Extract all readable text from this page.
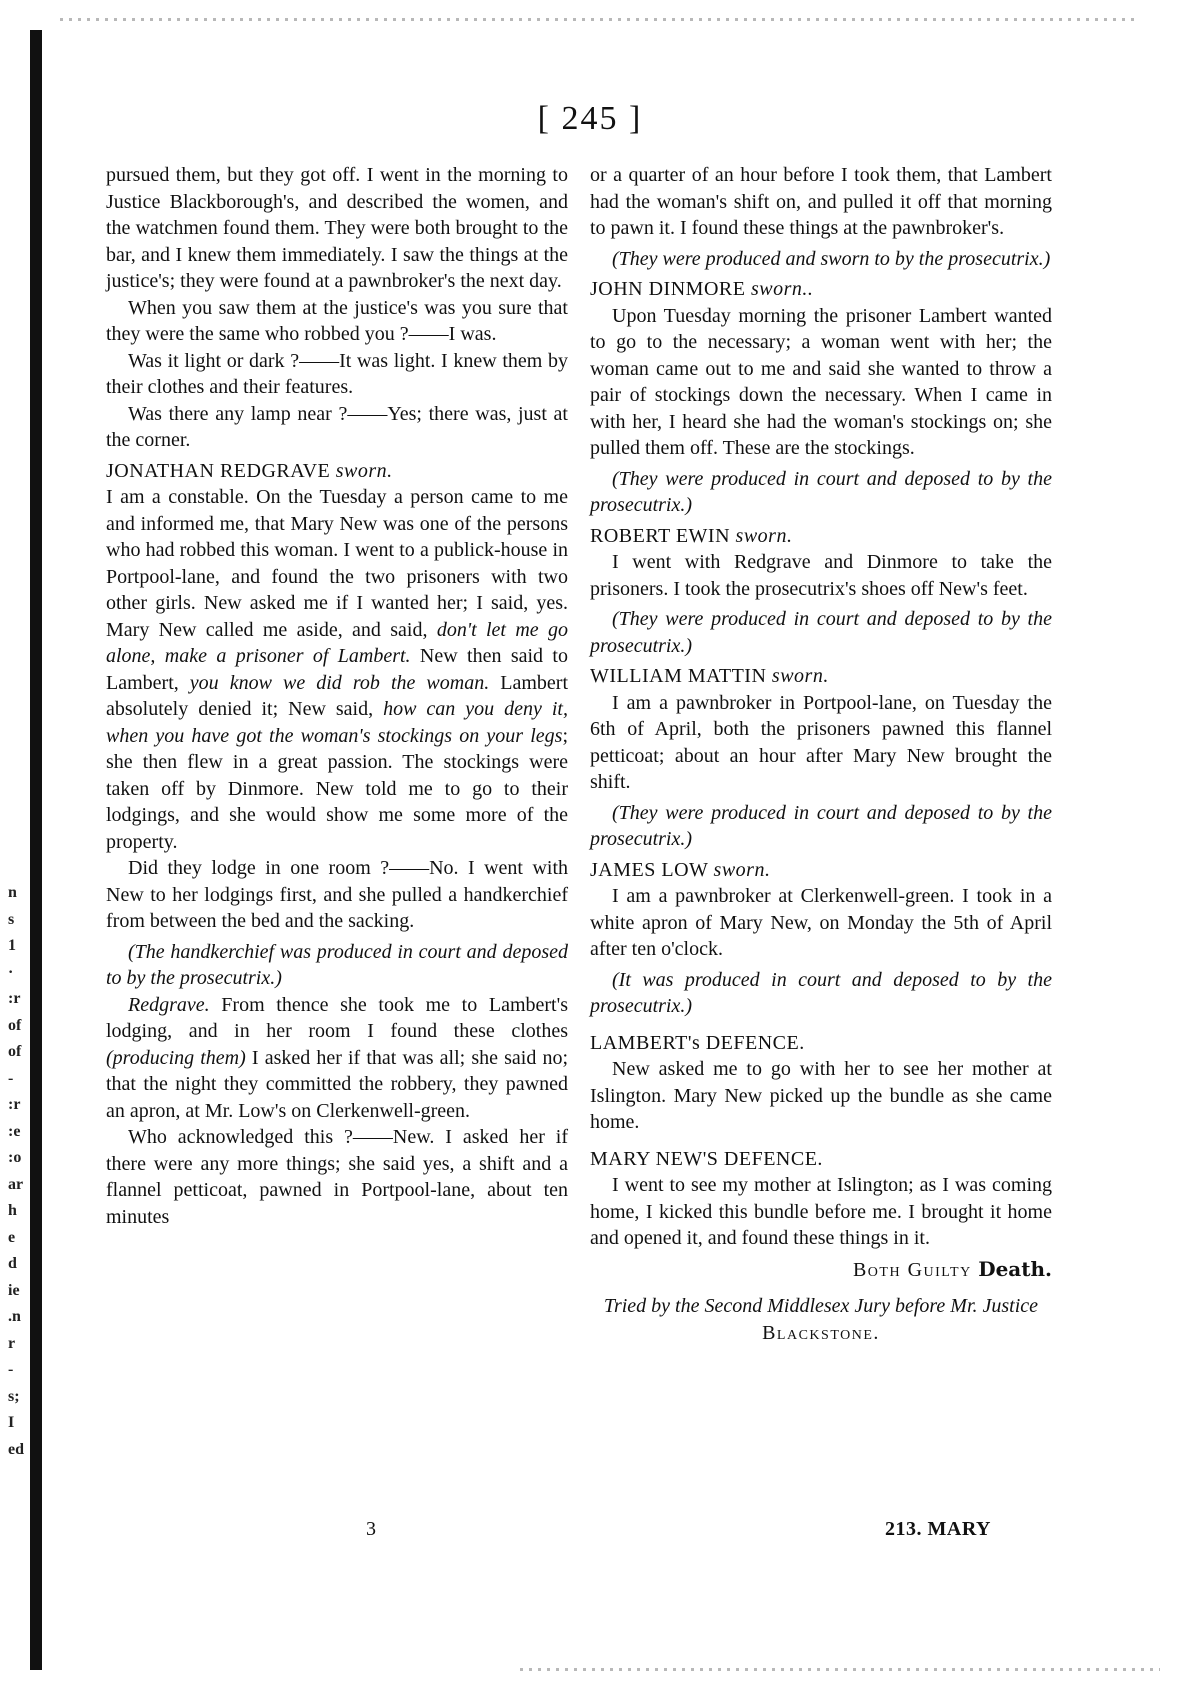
n
s
1
·
:r
of
of
-
:r
:e
:o
ar
h
e
d
ie
.n
r
-
s;
I
ed
[ 245 ]

pursued them, but they got off. I went in the morning to Justice Blackborough's, and described the women, and the watchmen found them. They were both brought to the bar, and I knew them immediately. I saw the things at the justice's; they were found at a pawnbroker's the next day.

When you saw them at the justice's was you sure that they were the same who robbed you ?——I was.

Was it light or dark ?——It was light. I knew them by their clothes and their features.

Was there any lamp near ?——Yes; there was, just at the corner.

JONATHAN REDGRAVE sworn.

I am a constable. On the Tuesday a person came to me and informed me, that Mary New was one of the persons who had robbed this woman. I went to a publick-house in Portpool-lane, and found the two prisoners with two other girls. New asked me if I wanted her; I said, yes. Mary New called me aside, and said, don't let me go alone, make a prisoner of Lambert. New then said to Lambert, you know we did rob the woman. Lambert absolutely denied it; New said, how can you deny it, when you have got the woman's stockings on your legs; she then flew in a great passion. The stockings were taken off by Dinmore. New told me to go to their lodgings, and she would show me some more of the property.

Did they lodge in one room ?——No. I went with New to her lodgings first, and she pulled a handkerchief from between the bed and the sacking.

(The handkerchief was produced in court and deposed to by the prosecutrix.)

Redgrave. From thence she took me to Lambert's lodging, and in her room I found these clothes (producing them) I asked her if that was all; she said no; that the night they committed the robbery, they pawned an apron, at Mr. Low's on Clerkenwell-green.

Who acknowledged this ?——New. I asked her if there were any more things; she said yes, a shift and a flannel petticoat, pawned in Portpool-lane, about ten minutes

or a quarter of an hour before I took them, that Lambert had the woman's shift on, and pulled it off that morning to pawn it. I found these things at the pawnbroker's.

(They were produced and sworn to by the prosecutrix.)

JOHN DINMORE sworn..

Upon Tuesday morning the prisoner Lambert wanted to go to the necessary; a woman went with her; the woman came out to me and said she wanted to throw a pair of stockings down the necessary. When I came in with her, I heard she had the woman's stockings on; she pulled them off. These are the stockings.

(They were produced in court and deposed to by the prosecutrix.)

ROBERT EWIN sworn.

I went with Redgrave and Dinmore to take the prisoners. I took the prosecutrix's shoes off New's feet.

(They were produced in court and deposed to by the prosecutrix.)

WILLIAM MATTIN sworn.

I am a pawnbroker in Portpool-lane, on Tuesday the 6th of April, both the prisoners pawned this flannel petticoat; about an hour after Mary New brought the shift.

(They were produced in court and deposed to by the prosecutrix.)

JAMES LOW sworn.

I am a pawnbroker at Clerkenwell-green. I took in a white apron of Mary New, on Monday the 5th of April after ten o'clock.

(It was produced in court and deposed to by the prosecutrix.)

LAMBERT's DEFENCE.

New asked me to go with her to see her mother at Islington. Mary New picked up the bundle as she came home.

MARY NEW'S DEFENCE.

I went to see my mother at Islington; as I was coming home, I kicked this bundle before me. I brought it home and opened it, and found these things in it.

Both Guilty Death.

Tried by the Second Middlesex Jury before Mr. Justice Blackstone.

3	213. MARY
